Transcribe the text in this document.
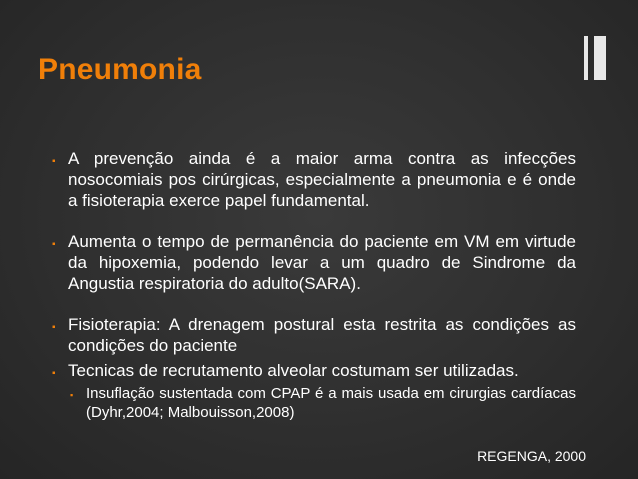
Pneumonia
▪ A prevenção ainda é a maior arma contra as infecções nosocomiais pos cirúrgicas, especialmente a pneumonia e é onde a fisioterapia exerce papel fundamental.
▪ Aumenta o tempo de permanência do paciente em VM em virtude da hipoxemia, podendo levar a um quadro de Sindrome da Angustia respiratoria do adulto(SARA).
▪ Fisioterapia: A drenagem postural esta restrita as condições as condições do paciente
▪ Tecnicas de recrutamento alveolar costumam ser utilizadas.
▪ Insuflação sustentada com CPAP é a mais usada em cirurgias cardíacas (Dyhr,2004; Malbouisson,2008)
REGENGA, 2000
